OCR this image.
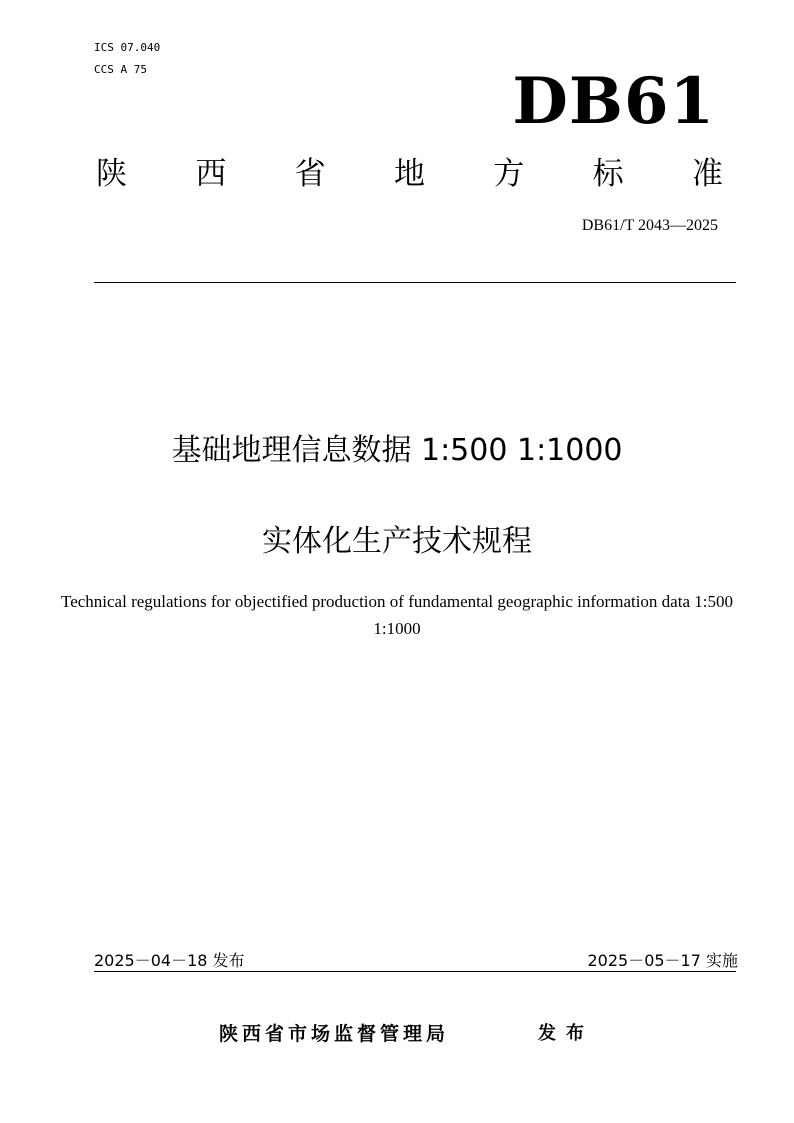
ICS 07.040
CCS A 75	DB61
陕 西 省 地 方 标 准
DB61/T 2043—2025
基础地理信息数据 1:500 1:1000
实体化生产技术规程
Technical regulations for objectified production of fundamental geographic information data 1:500 1:1000
2025－04－18 发布	2025－05－17 实施
陕西省市场监督管理局	发布
